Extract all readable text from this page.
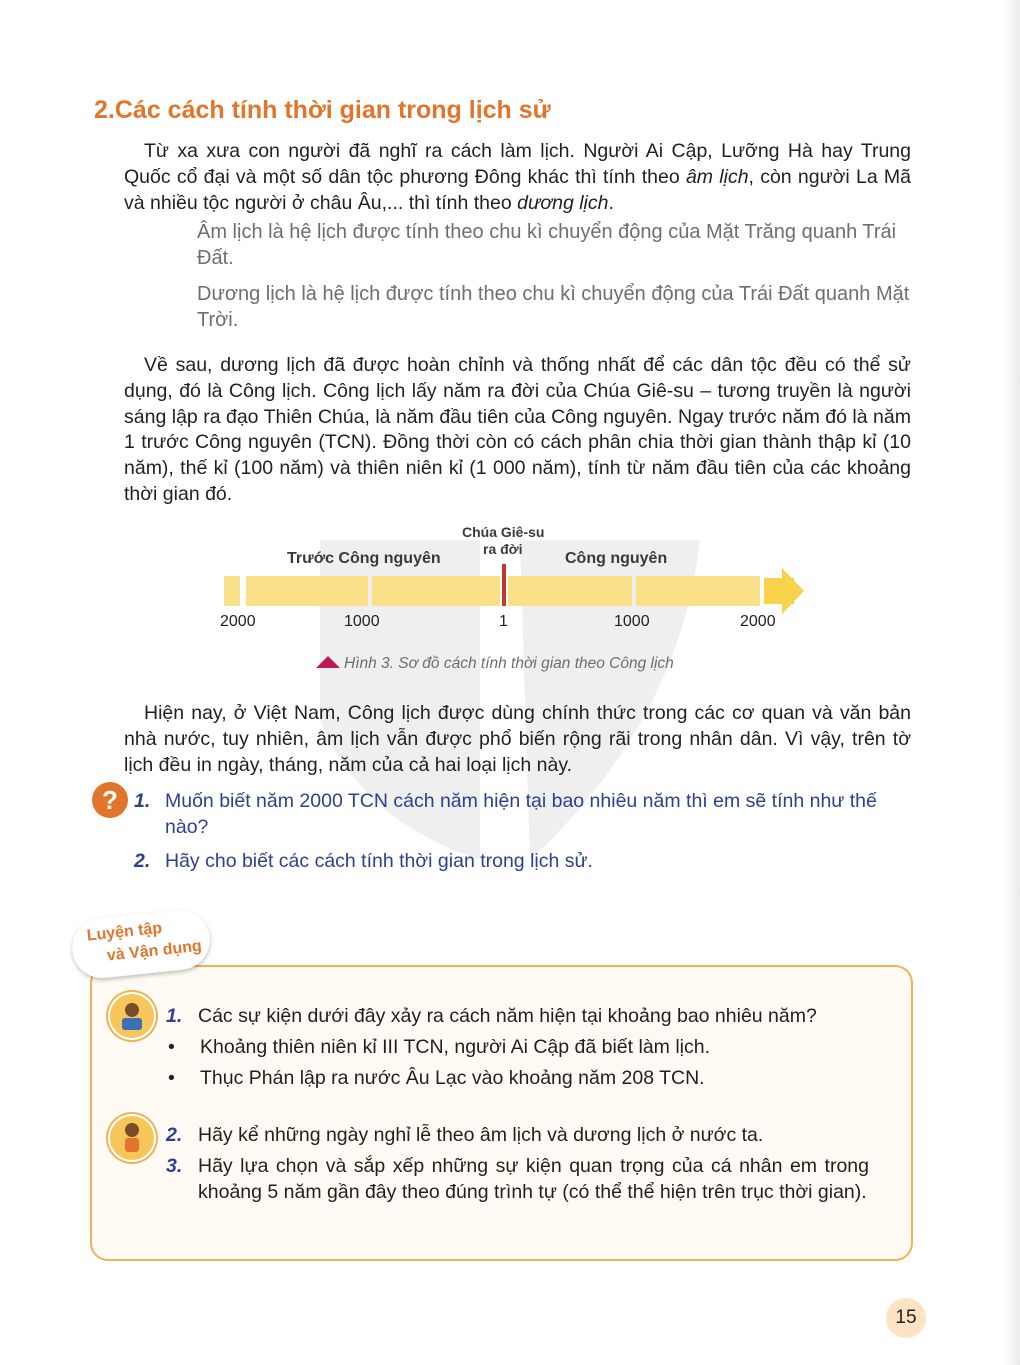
2.Các cách tính thời gian trong lịch sử

Từ xa xưa con người đã nghĩ ra cách làm lịch. Người Ai Cập, Lưỡng Hà hay Trung Quốc cổ đại và một số dân tộc phương Đông khác thì tính theo âm lịch, còn người La Mã và nhiều tộc người ở châu Âu,... thì tính theo dương lịch.

Âm lịch là hệ lịch được tính theo chu kì chuyển động của Mặt Trăng quanh Trái Đất.

Dương lịch là hệ lịch được tính theo chu kì chuyển động của Trái Đất quanh Mặt Trời.

Về sau, dương lịch đã được hoàn chỉnh và thống nhất để các dân tộc đều có thể sử dụng, đó là Công lịch. Công lịch lấy năm ra đời của Chúa Giê-su – tương truyền là người sáng lập ra đạo Thiên Chúa, là năm đầu tiên của Công nguyên. Ngay trước năm đó là năm 1 trước Công nguyên (TCN). Đồng thời còn có cách phân chia thời gian thành thập kỉ (10 năm), thế kỉ (100 năm) và thiên niên kỉ (1 000 năm), tính từ năm đầu tiên của các khoảng thời gian đó.

Trước Công nguyên	Công nguyên
Chúa Giê-su
ra đời
2000	1000	1	1000	2000
Hình 3. Sơ đồ cách tính thời gian theo Công lịch

Hiện nay, ở Việt Nam, Công lịch được dùng chính thức trong các cơ quan và văn bản nhà nước, tuy nhiên, âm lịch vẫn được phổ biến rộng rãi trong nhân dân. Vì vậy, trên tờ lịch đều in ngày, tháng, năm của cả hai loại lịch này.

? 1. Muốn biết năm 2000 TCN cách năm hiện tại bao nhiêu năm thì em sẽ tính như thế nào?

2. Hãy cho biết các cách tính thời gian trong lịch sử.

Luyện tập
và Vận dụng

1. Các sự kiện dưới đây xảy ra cách năm hiện tại khoảng bao nhiêu năm?

• Khoảng thiên niên kỉ III TCN, người Ai Cập đã biết làm lịch.

• Thục Phán lập ra nước Âu Lạc vào khoảng năm 208 TCN.

2. Hãy kể những ngày nghỉ lễ theo âm lịch và dương lịch ở nước ta.

3. Hãy lựa chọn và sắp xếp những sự kiện quan trọng của cá nhân em trong khoảng 5 năm gần đây theo đúng trình tự (có thể thể hiện trên trục thời gian).

15
